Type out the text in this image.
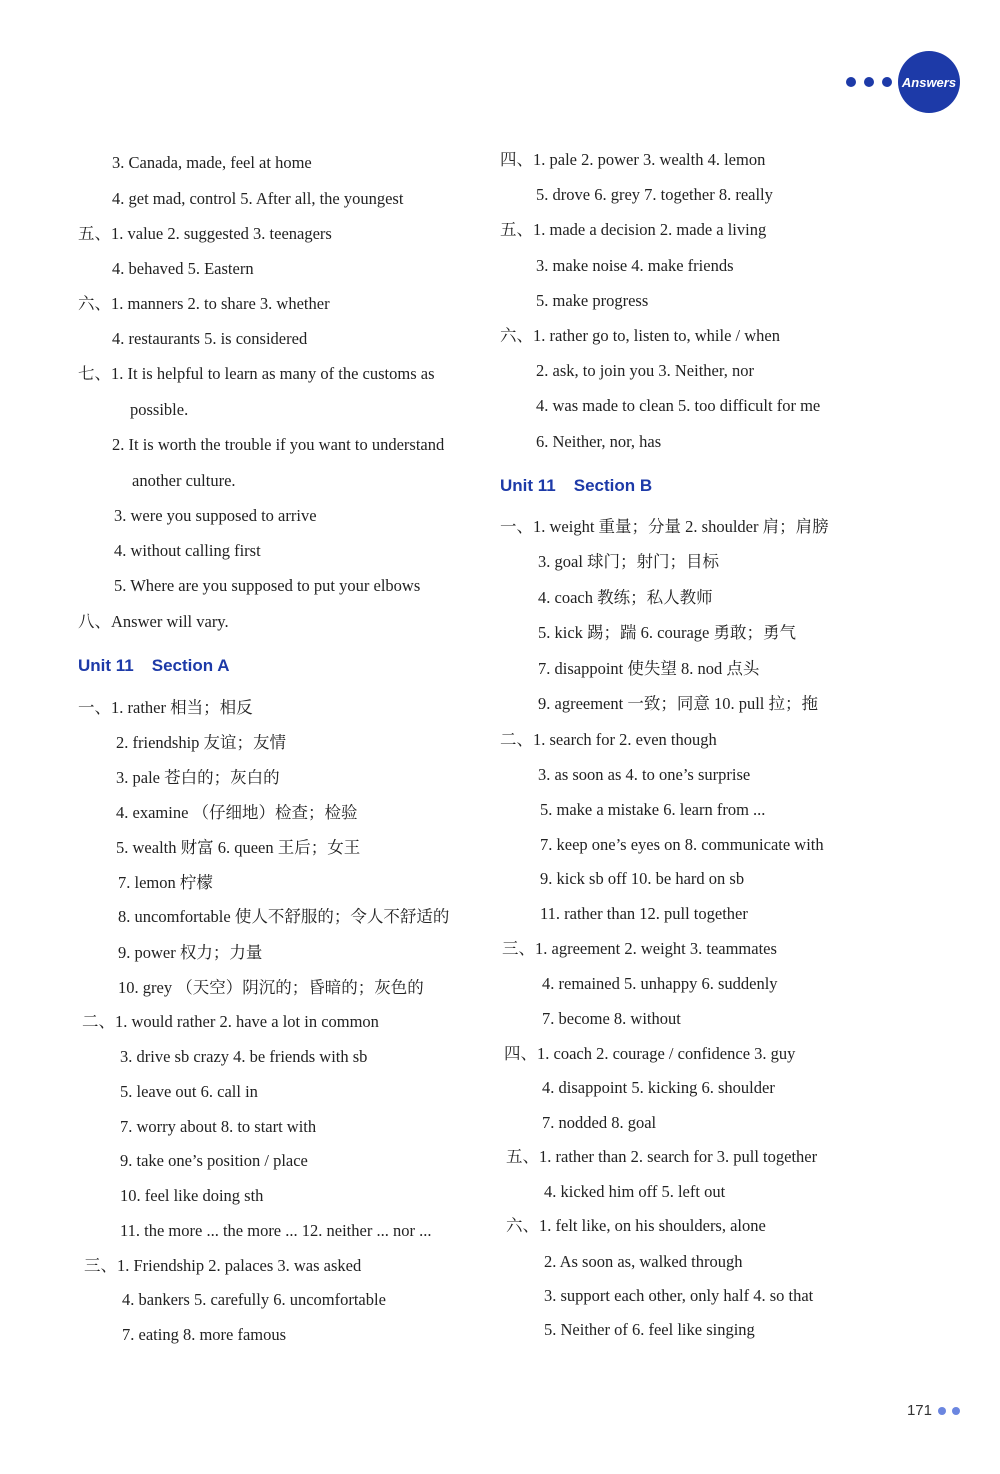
Answers
3. Canada, made, feel at home
4. get mad, control 5. After all, the youngest
五、1. value 2. suggested 3. teenagers
4. behaved 5. Eastern
六、1. manners 2. to share 3. whether
4. restaurants 5. is considered
七、1. It is helpful to learn as many of the customs as
possible.
2. It is worth the trouble if you want to understand
another culture.
3. were you supposed to arrive
4. without calling first
5. Where are you supposed to put your elbows
八、Answer will vary.
一、1. rather 相当；相反
2. friendship 友谊；友情
3. pale 苍白的；灰白的
4. examine （仔细地）检查；检验
5. wealth 财富 6. queen 王后；女王
7. lemon 柠檬
8. uncomfortable 使人不舒服的；令人不舒适的
9. power 权力；力量
10. grey （天空）阴沉的；昏暗的；灰色的
二、1. would rather 2. have a lot in common
3. drive sb crazy 4. be friends with sb
5. leave out 6. call in
7. worry about 8. to start with
9. take one’s position / place
10. feel like doing sth
11. the more ... the more ... 12. neither ... nor ...
三、1. Friendship 2. palaces 3. was asked
4. bankers 5. carefully 6. uncomfortable
7. eating 8. more famous
四、1. pale 2. power 3. wealth 4. lemon
5. drove 6. grey 7. together 8. really
五、1. made a decision 2. made a living
3. make noise 4. make friends
5. make progress
六、1. rather go to, listen to, while / when
2. ask, to join you 3. Neither, nor
4. was made to clean 5. too difficult for me
6. Neither, nor, has
一、1. weight 重量；分量 2. shoulder 肩；肩膀
3. goal 球门；射门；目标
4. coach 教练；私人教师
5. kick 踢；踹 6. courage 勇敢；勇气
7. disappoint 使失望 8. nod 点头
9. agreement 一致；同意 10. pull 拉；拖
二、1. search for 2. even though
3. as soon as 4. to one’s surprise
5. make a mistake 6. learn from ...
7. keep one’s eyes on 8. communicate with
9. kick sb off 10. be hard on sb
11. rather than 12. pull together
三、1. agreement 2. weight 3. teammates
4. remained 5. unhappy 6. suddenly
7. become 8. without
四、1. coach 2. courage / confidence 3. guy
4. disappoint 5. kicking 6. shoulder
7. nodded 8. goal
五、1. rather than 2. search for 3. pull together
4. kicked him off 5. left out
六、1. felt like, on his shoulders, alone
2. As soon as, walked through
3. support each other, only half 4. so that
5. Neither of 6. feel like singing
Unit 11 Section A
Unit 11 Section B
171
